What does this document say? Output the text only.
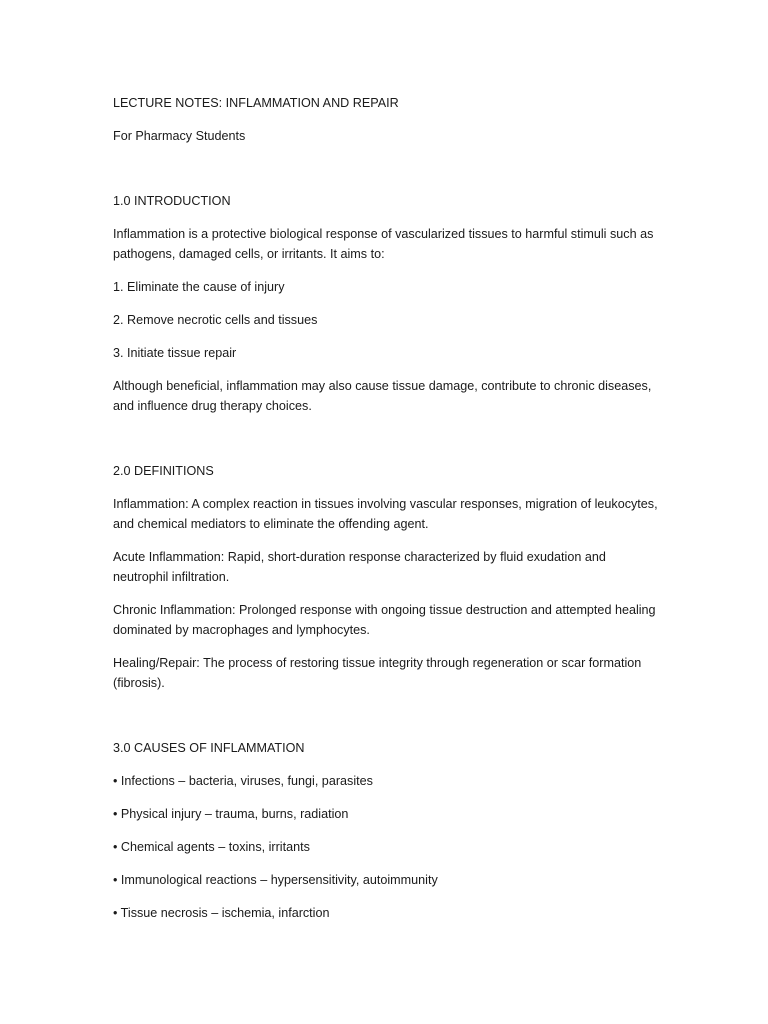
LECTURE NOTES: INFLAMMATION AND REPAIR

For Pharmacy Students

1.0 INTRODUCTION

Inflammation is a protective biological response of vascularized tissues to harmful stimuli such as pathogens, damaged cells, or irritants. It aims to:

1. Eliminate the cause of injury

2. Remove necrotic cells and tissues

3. Initiate tissue repair

Although beneficial, inflammation may also cause tissue damage, contribute to chronic diseases, and influence drug therapy choices.

2.0 DEFINITIONS

Inflammation: A complex reaction in tissues involving vascular responses, migration of leukocytes, and chemical mediators to eliminate the offending agent.

Acute Inflammation: Rapid, short-duration response characterized by fluid exudation and neutrophil infiltration.

Chronic Inflammation: Prolonged response with ongoing tissue destruction and attempted healing dominated by macrophages and lymphocytes.

Healing/Repair: The process of restoring tissue integrity through regeneration or scar formation (fibrosis).

3.0 CAUSES OF INFLAMMATION

• Infections – bacteria, viruses, fungi, parasites

• Physical injury – trauma, burns, radiation

• Chemical agents – toxins, irritants

• Immunological reactions – hypersensitivity, autoimmunity

• Tissue necrosis – ischemia, infarction
